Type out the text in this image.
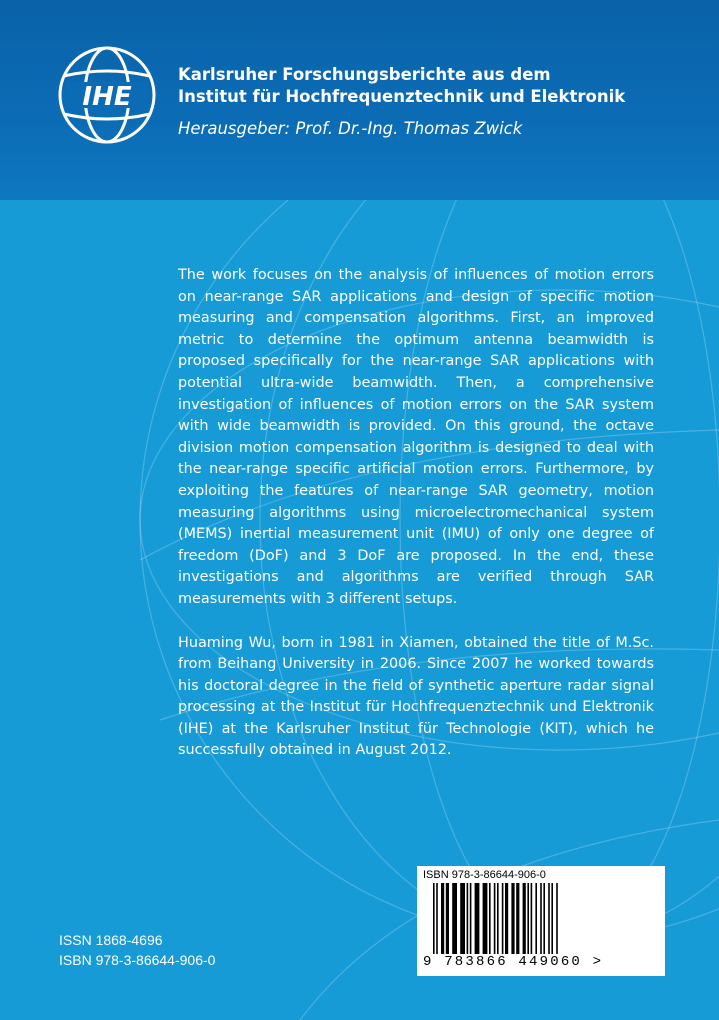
IHE
Karlsruher Forschungsberichte aus dem
Institut für Hochfrequenztechnik und Elektronik
Herausgeber: Prof. Dr.-Ing. Thomas Zwick

The work focuses on the analysis of influences of motion errors on near-range SAR applications and design of specific motion measuring and compensation algorithms. First, an improved metric to determine the optimum antenna beamwidth is proposed specifically for the near-range SAR applications with potential ultra-wide beamwidth. Then, a comprehensive investigation of influences of motion errors on the SAR system with wide beamwidth is provided. On this ground, the octave division motion compensation algorithm is designed to deal with the near-range specific artificial motion errors. Furthermore, by exploiting the features of near-range SAR geometry, motion measuring algorithms using microelectromechanical system (MEMS) inertial measurement unit (IMU) of only one degree of freedom (DoF) and 3 DoF are proposed. In the end, these investigations and algorithms are verified through SAR measurements with 3 different setups.

Huaming Wu, born in 1981 in Xiamen, obtained the title of M.Sc. from Beihang University in 2006. Since 2007 he worked towards his doctoral degree in the field of synthetic aperture radar signal processing at the Institut für Hochfrequenztechnik und Elektronik (IHE) at the Karlsruher Institut für Technologie (KIT), which he successfully obtained in August 2012.

ISSN 1868-4696
ISBN 978-3-86644-906-0
ISBN 978-3-86644-906-0
9 783866 449060 >
